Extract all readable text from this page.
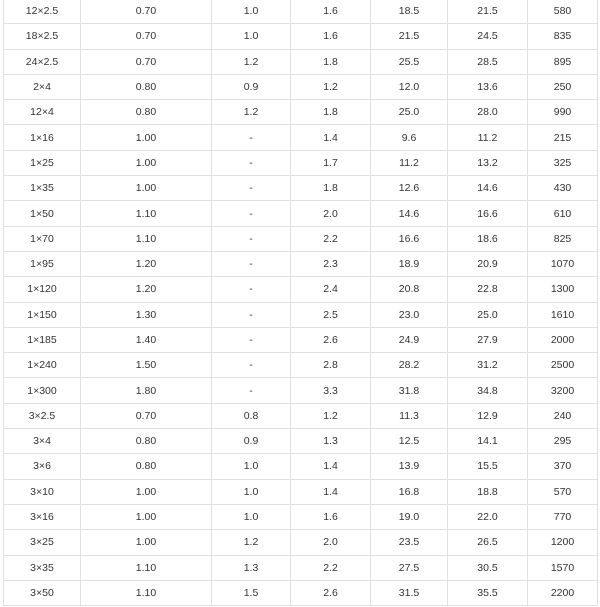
12×2.5	0.70	1.0	1.6	18.5	21.5	580
18×2.5	0.70	1.0	1.6	21.5	24.5	835
24×2.5	0.70	1.2	1.8	25.5	28.5	895
2×4	0.80	0.9	1.2	12.0	13.6	250
12×4	0.80	1.2	1.8	25.0	28.0	990
1×16	1.00	-	1.4	9.6	11.2	215
1×25	1.00	-	1.7	11.2	13.2	325
1×35	1.00	-	1.8	12.6	14.6	430
1×50	1.10	-	2.0	14.6	16.6	610
1×70	1.10	-	2.2	16.6	18.6	825
1×95	1.20	-	2.3	18.9	20.9	1070
1×120	1.20	-	2.4	20.8	22.8	1300
1×150	1.30	-	2.5	23.0	25.0	1610
1×185	1.40	-	2.6	24.9	27.9	2000
1×240	1.50	-	2.8	28.2	31.2	2500
1×300	1.80	-	3.3	31.8	34.8	3200
3×2.5	0.70	0.8	1.2	11.3	12.9	240
3×4	0.80	0.9	1.3	12.5	14.1	295
3×6	0.80	1.0	1.4	13.9	15.5	370
3×10	1.00	1.0	1.4	16.8	18.8	570
3×16	1.00	1.0	1.6	19.0	22.0	770
3×25	1.00	1.2	2.0	23.5	26.5	1200
3×35	1.10	1.3	2.2	27.5	30.5	1570
3×50	1.10	1.5	2.6	31.5	35.5	2200
